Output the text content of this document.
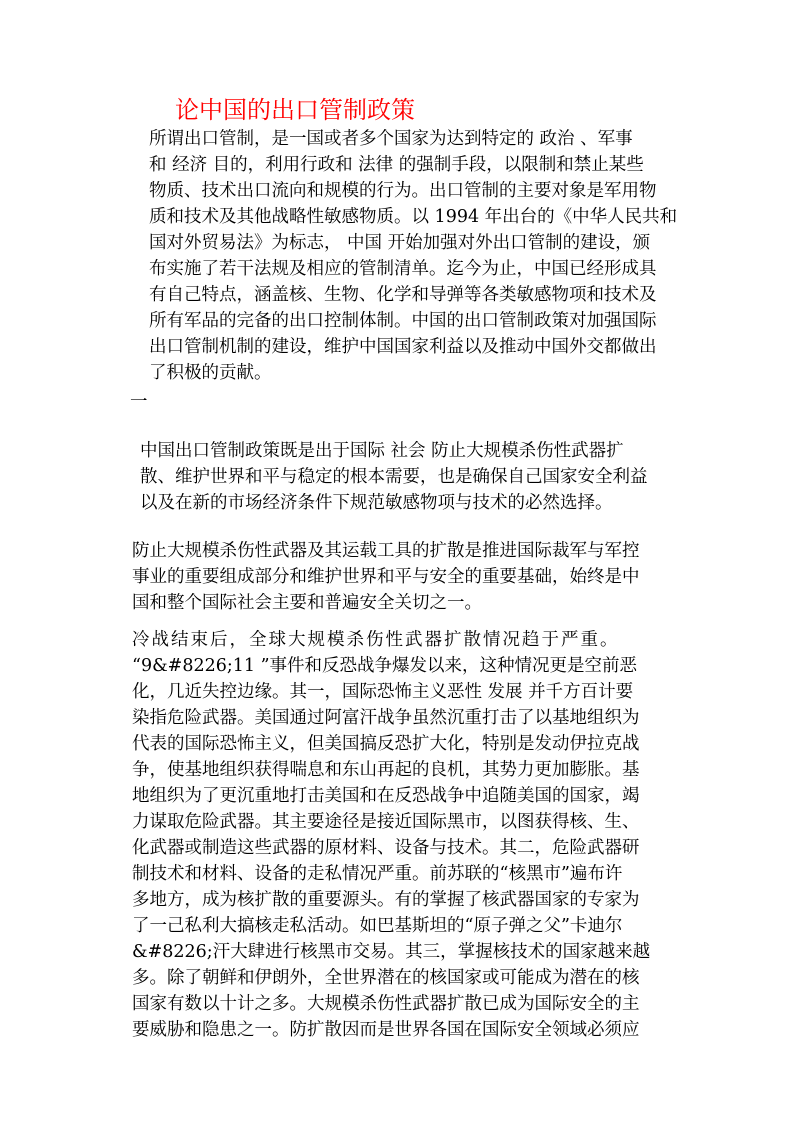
论中国的出口管制政策
所谓出口管制，是一国或者多个国家为达到特定的 政治 、军事
和 经济 目的，利用行政和 法律 的强制手段，以限制和禁止某些
物质、技术出口流向和规模的行为。出口管制的主要对象是军用物
质和技术及其他战略性敏感物质。以 1994 年出台的《中华人民共和
国对外贸易法》为标志， 中国 开始加强对外出口管制的建设，颁
布实施了若干法规及相应的管制清单。迄今为止，中国已经形成具
有自己特点，涵盖核、生物、化学和导弹等各类敏感物项和技术及
所有军品的完备的出口控制体制。中国的出口管制政策对加强国际
出口管制机制的建设，维护中国国家利益以及推动中国外交都做出
了积极的贡献。
一
中国出口管制政策既是出于国际 社会 防止大规模杀伤性武器扩
散、维护世界和平与稳定的根本需要，也是确保自己国家安全利益
以及在新的市场经济条件下规范敏感物项与技术的必然选择。
防止大规模杀伤性武器及其运载工具的扩散是推进国际裁军与军控
事业的重要组成部分和维护世界和平与安全的重要基础，始终是中
国和整个国际社会主要和普遍安全关切之一。
冷战结束后，全球大规模杀伤性武器扩散情况趋于严重。
“9&#8226;11 ”事件和反恐战争爆发以来，这种情况更是空前恶
化，几近失控边缘。其一，国际恐怖主义恶性 发展 并千方百计要
染指危险武器。美国通过阿富汗战争虽然沉重打击了以基地组织为
代表的国际恐怖主义，但美国搞反恐扩大化，特别是发动伊拉克战
争，使基地组织获得喘息和东山再起的良机，其势力更加膨胀。基
地组织为了更沉重地打击美国和在反恐战争中追随美国的国家，竭
力谋取危险武器。其主要途径是接近国际黑市，以图获得核、生、
化武器或制造这些武器的原材料、设备与技术。其二，危险武器研
制技术和材料、设备的走私情况严重。前苏联的“核黑市”遍布许
多地方，成为核扩散的重要源头。有的掌握了核武器国家的专家为
了一己私利大搞核走私活动。如巴基斯坦的“原子弹之父”卡迪尔
&#8226;汗大肆进行核黑市交易。其三，掌握核技术的国家越来越
多。除了朝鲜和伊朗外，全世界潜在的核国家或可能成为潜在的核
国家有数以十计之多。大规模杀伤性武器扩散已成为国际安全的主
要威胁和隐患之一。防扩散因而是世界各国在国际安全领域必须应
